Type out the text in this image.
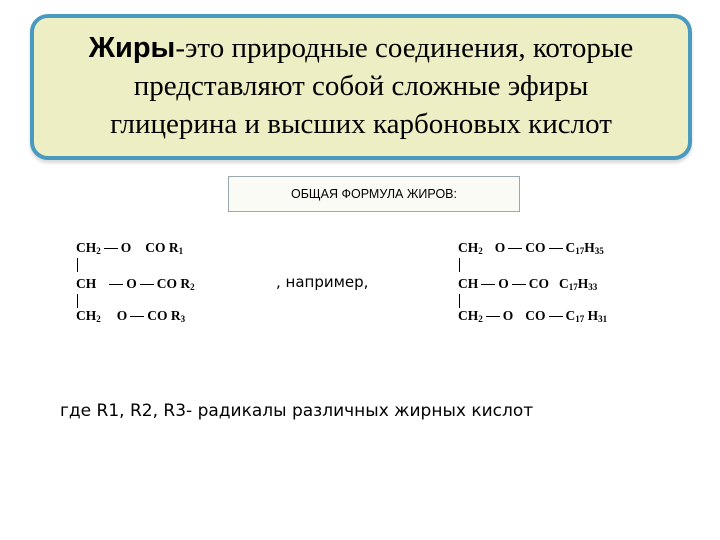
Жиры-это природные соединения, которые
представляют собой сложные эфиры
глицерина и высших карбоновых кислот
ОБЩАЯ ФОРМУЛА ЖИРОВ:
$CH_2$ O CO $R_1$
CH O CO $R_2$
$CH_2$ O CO $R_3$
, например,
$CH_2$ O CO $C_{17}H_{35}$
CH O CO $C_{17}H_{33}$
$CH_2$ O CO $C_{17}$ $H_{31}$
где R1, R2, R3- радикалы различных жирных кислот
